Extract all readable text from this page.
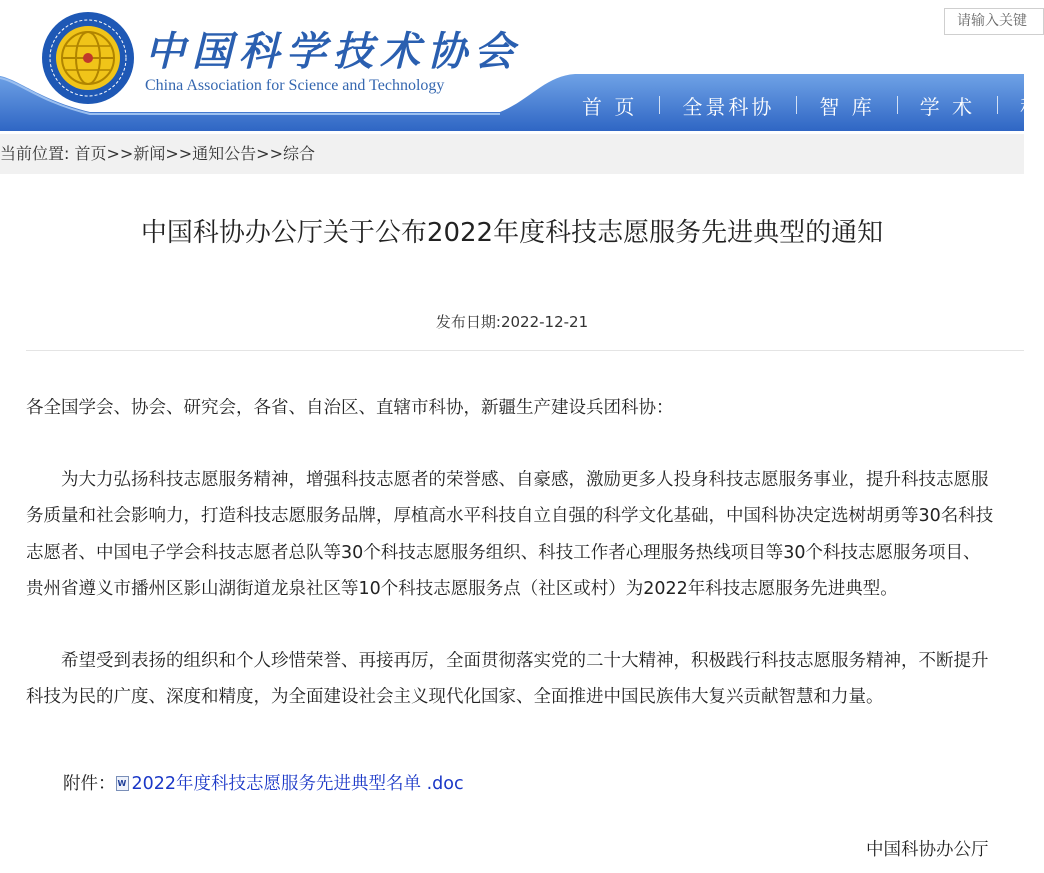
中国科学技术协会
China Association for Science and Technology
请输入关键
首 页 全景科协 智 库 学 术 科
当前位置: 首页>>新闻>>通知公告>>综合
中国科协办公厅关于公布2022年度科技志愿服务先进典型的通知
发布日期:2022-12-21

各全国学会、协会、研究会，各省、自治区、直辖市科协，新疆生产建设兵团科协：

为大力弘扬科技志愿服务精神，增强科技志愿者的荣誉感、自豪感，激励更多人投身科技志愿服务事业，提升科技志愿服务质量和社会影响力，打造科技志愿服务品牌，厚植高水平科技自立自强的科学文化基础，中国科协决定选树胡勇等30名科技志愿者、中国电子学会科技志愿者总队等30个科技志愿服务组织、科技工作者心理服务热线项目等30个科技志愿服务项目、贵州省遵义市播州区影山湖街道龙泉社区等10个科技志愿服务点（社区或村）为2022年科技志愿服务先进典型。

希望受到表扬的组织和个人珍惜荣誉、再接再厉，全面贯彻落实党的二十大精神，积极践行科技志愿服务精神，不断提升科技为民的广度、深度和精度，为全面建设社会主义现代化国家、全面推进中国民族伟大复兴贡献智慧和力量。

附件： W 2022年度科技志愿服务先进典型名单 .doc
中国科协办公厅
